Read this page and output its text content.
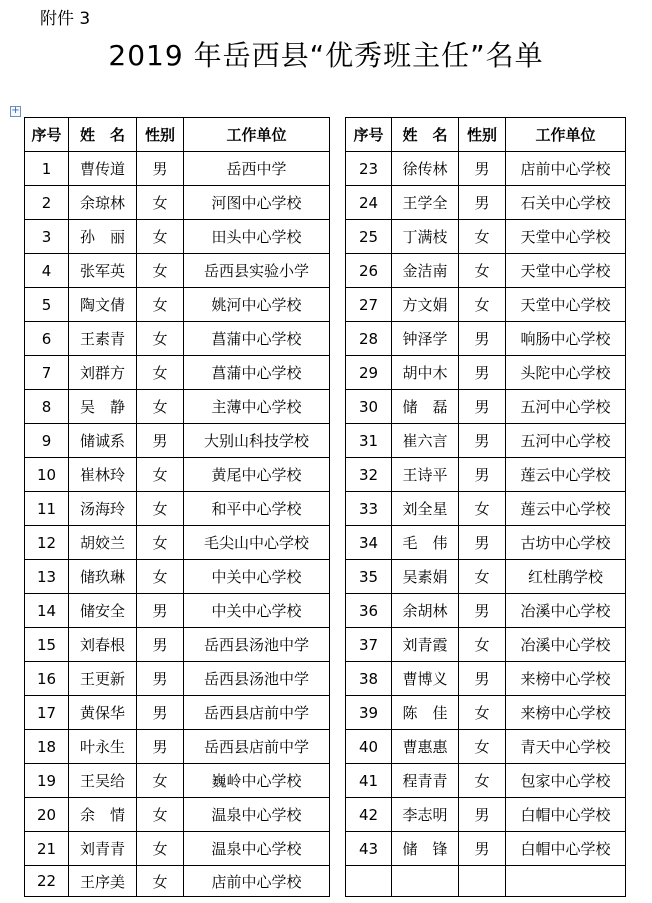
附件 3
2019 年岳西县“优秀班主任”名单
+
序号	姓　名	性别	工作单位		序号	姓　名	性别	工作单位
1	曹传道	男	岳西中学		23	徐传林	男	店前中心学校
2	余琼林	女	河图中心学校		24	王学全	男	石关中心学校
3	孙　丽	女	田头中心学校		25	丁满枝	女	天堂中心学校
4	张军英	女	岳西县实验小学		26	金洁南	女	天堂中心学校
5	陶文倩	女	姚河中心学校		27	方文娟	女	天堂中心学校
6	王素青	女	菖蒲中心学校		28	钟泽学	男	响肠中心学校
7	刘群方	女	菖蒲中心学校		29	胡中木	男	头陀中心学校
8	吴　静	女	主薄中心学校		30	储　磊	男	五河中心学校
9	储诚系	男	大别山科技学校		31	崔六言	男	五河中心学校
10	崔林玲	女	黄尾中心学校		32	王诗平	男	莲云中心学校
11	汤海玲	女	和平中心学校		33	刘全星	女	莲云中心学校
12	胡姣兰	女	毛尖山中心学校		34	毛　伟	男	古坊中心学校
13	储玖琳	女	中关中心学校		35	吴素娟	女	红杜鹃学校
14	储安全	男	中关中心学校		36	余胡林	男	冶溪中心学校
15	刘春根	男	岳西县汤池中学		37	刘青霞	女	冶溪中心学校
16	王更新	男	岳西县汤池中学		38	曹博义	男	来榜中心学校
17	黄保华	男	岳西县店前中学		39	陈　佳	女	来榜中心学校
18	叶永生	男	岳西县店前中学		40	曹惠惠	女	青天中心学校
19	王吴给	女	巍岭中心学校		41	程青青	女	包家中心学校
20	余　情	女	温泉中心学校		42	李志明	男	白帽中心学校
21	刘青青	女	温泉中心学校		43	储　锋	男	白帽中心学校
22	王序美	女	店前中心学校					
